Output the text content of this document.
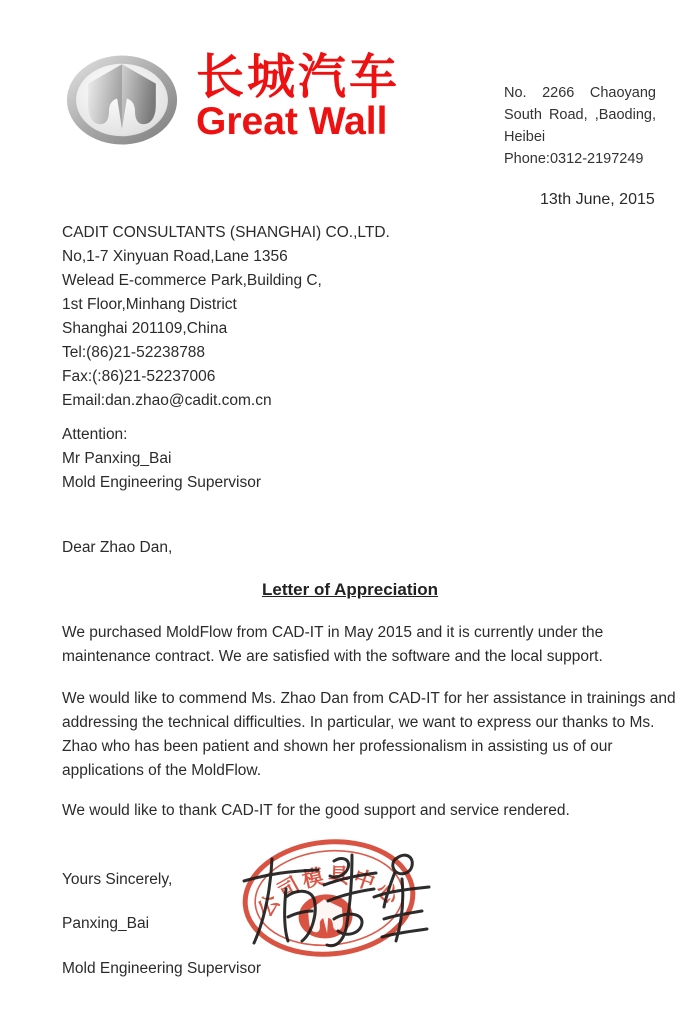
长城汽车
Great Wall
No. 2266 Chaoyang
South Road, ,Baoding,
Heibei
Phone:0312-2197249
13th June, 2015
CADIT CONSULTANTS (SHANGHAI) CO.,LTD.
No,1-7 Xinyuan Road,Lane 1356
Welead E-commerce Park,Building C,
1st Floor,Minhang District
Shanghai 201109,China
Tel:(86)21-52238788
Fax:(:86)21-52237006
Email:dan.zhao@cadit.com.cn
Attention:
Mr Panxing_Bai
Mold Engineering Supervisor
Dear Zhao Dan,
Letter of Appreciation
We purchased MoldFlow from CAD-IT in May 2015 and it is currently under the
maintenance contract. We are satisfied with the software and the local support.
We would like to commend Ms. Zhao Dan from CAD-IT for her assistance in trainings and
addressing the technical difficulties. In particular, we want to express our thanks to Ms.
Zhao who has been patient and shown her professionalism in assisting us of our
applications of the MoldFlow.
We would like to thank CAD-IT for the good support and service rendered.
Yours Sincerely,
Panxing_Bai
Mold Engineering Supervisor
公司模具中心
